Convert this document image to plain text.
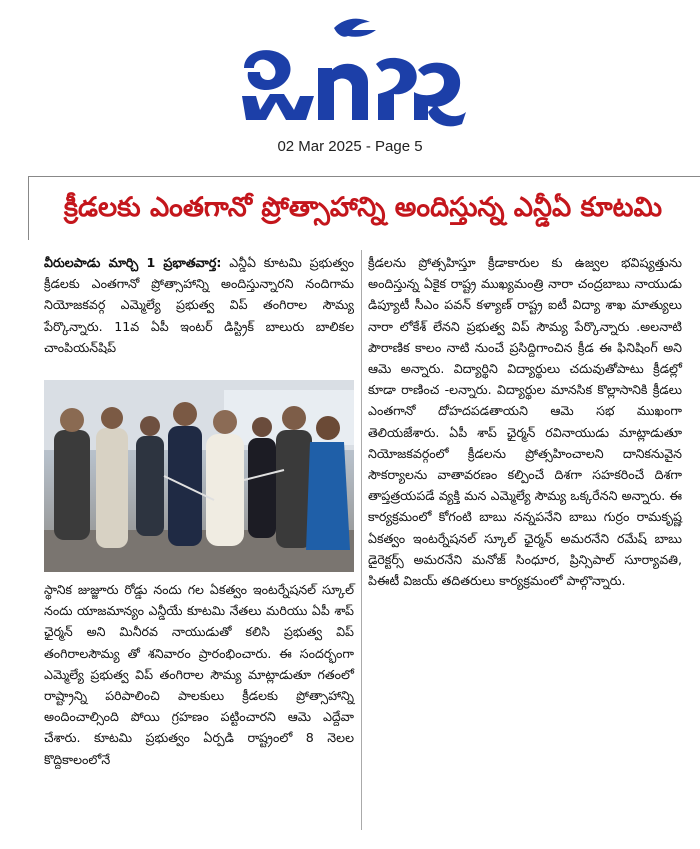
02 Mar 2025 - Page 5
క్రీడలకు ఎంతగానో ప్రోత్సాహాన్ని అందిస్తున్న ఎన్డీఏ కూటమి
వీరులపాడు మార్చి 1 ప్రభాతవార్త: ఎన్డీఏ కూటమి ప్రభుత్వం క్రీడలకు ఎంతగానో ప్రోత్సాహాన్ని అందిస్తున్నారని నందిగామ నియోజకవర్గ ఎమ్మెల్యే ప్రభుత్వ విప్ తంగిరాల సౌమ్య పేర్కొన్నారు. 11వ ఏపీ ఇంటర్ డిస్ట్రిక్ బాలురు బాలికల చాంపియన్‌షిప్
స్థానిక జుజ్జూరు రోడ్డు నందు గల ఏకత్వం ఇంటర్నేషనల్ స్కూల్ నందు యాజమాన్యం ఎన్డీయే కూటమి నేతలు మరియు ఏపీ శాప్ ఛైర్మన్ అని మినీరవ నాయుడుతో కలిసి ప్రభుత్వ విప్ తంగిరాలసౌమ్య తో శనివారం ప్రారంభించారు. ఈ సందర్భంగా ఎమ్మెల్యే ప్రభుత్వ విప్ తంగిరాల సౌమ్య మాట్లాడుతూ గతంలో రాష్ట్రాన్ని పరిపాలించి పాలకులు క్రీడలకు ప్రోత్సాహాన్ని అందించాల్సింది పోయి గ్రహణం పట్టించారని ఆమె ఎద్దేవా చేశారు. కూటమి ప్రభుత్వం ఏర్పడి రాష్ట్రంలో 8 నెలల కొద్దికాలంలోనే
క్రీడలను ప్రోత్సహిస్తూ క్రీడాకారుల కు ఉజ్వల భవిష్యత్తును అందిస్తున్న ఏకైక రాష్ట్ర ముఖ్యమంత్రి నారా చంద్రబాబు నాయుడు డిప్యూటీ సీఎం పవన్ కళ్యాణ్ రాష్ట్ర ఐటీ విద్యా శాఖ మాత్యులు నారా లోకేశ్ లేనని ప్రభుత్వ విప్ సౌమ్య పేర్కొన్నారు .అలనాటి పౌరాణిక కాలం నాటి నుంచే ప్రసిద్దిగాంచిన క్రీడ ఈ ఫినిషింగ్ అని ఆమె అన్నారు. విద్యార్థిని విద్యార్థులు చదువుతోపాటు క్రీడల్లో కూడా రాణించ -లన్నారు. విద్యార్థుల మానసిక కొల్లాసానికి క్రీడలు ఎంతగానో దోహదపడతాయని ఆమె సభ ముఖంగా తెలియజేశారు. ఏపీ శాప్ ఛైర్మన్ రవినాయుడు మాట్లాడుతూ నియోజకవర్గంలో క్రీడలను ప్రోత్సహించాలని దానికనువైన సౌకర్యాలను వాతావరణం కల్పించే దిశగా సహకరించే దిశగా తాప్తత్రయపడే వ్యక్తి మన ఎమ్మెల్యే సౌమ్య ఒక్కరేనని అన్నారు. ఈ కార్యక్రమంలో కోగంటి బాబు నన్నపనేని బాబు గుర్రం రామకృష్ణ ఏకత్వం ఇంటర్నేషనల్ స్కూల్ ఛైర్మన్ అమరనేని రమేష్ బాబు డైరెక్టర్స్ అమరనేని మనోజ్ సింధూర, ప్రిన్సిపాల్ సూర్యావతి, పిఈటీ విజయ్ తదితరులు కార్యక్రమంలో పాల్గొన్నారు.
